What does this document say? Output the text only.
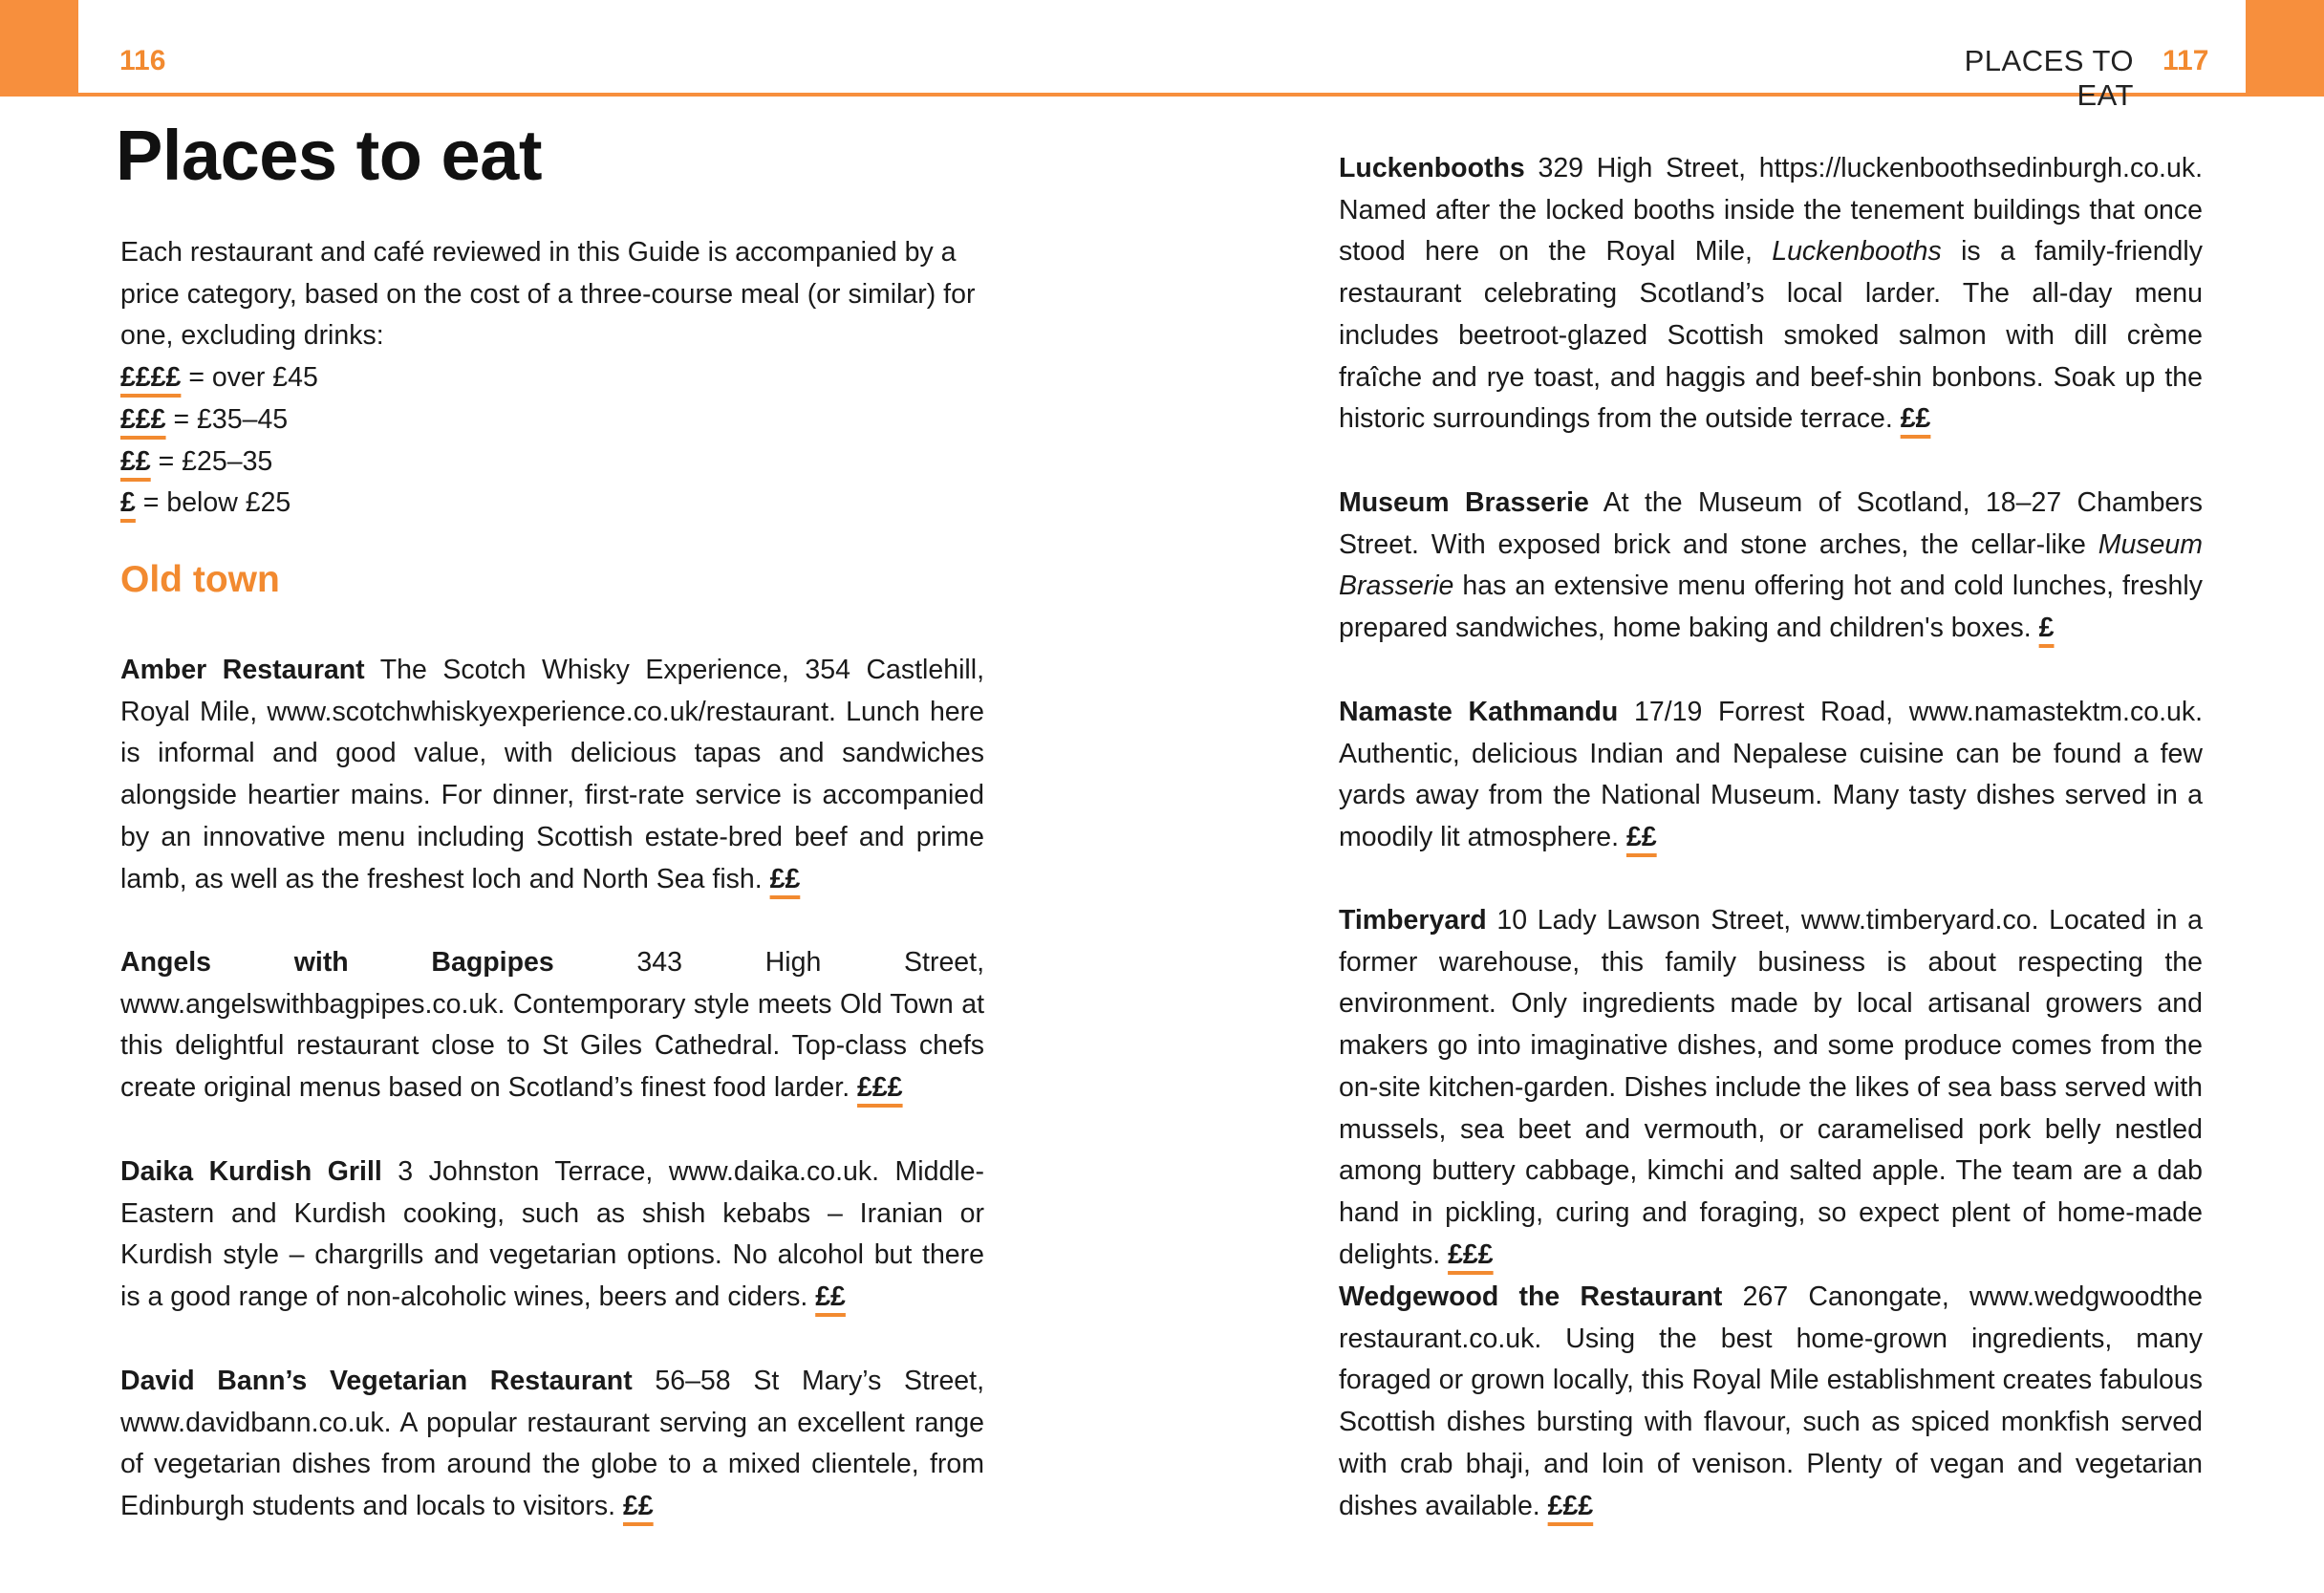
116	PLACES TO EAT
117
Places to eat

Each restaurant and café reviewed in this Guide is accompanied by a price category, based on the cost of a three-course meal (or similar) for one, excluding drinks:

££££ = over £45
£££ = £35–45
££ = £25–35
£ = below £25
Old town

Amber Restaurant The Scotch Whisky Experience, 354 Castlehill, Royal Mile, www.scotchwhiskyexperience.co.uk/restaurant. Lunch here is informal and good value, with delicious tapas and sandwiches alongside heartier mains. For dinner, first-rate service is accompanied by an innovative menu including Scottish estate-bred beef and prime lamb, as well as the freshest loch and North Sea fish. ££

Angels with Bagpipes 343 High Street, www.angelswithbagpipes.co.uk. Contemporary style meets Old Town at this delightful restaurant close to St Giles Cathedral. Top-class chefs create original menus based on Scotland’s finest food larder. £££

Daika Kurdish Grill 3 Johnston Terrace, www.daika.co.uk. Middle-Eastern and Kurdish cooking, such as shish kebabs – Iranian or Kurdish style – chargrills and vegetarian options. No alcohol but there is a good range of non-alcoholic wines, beers and ciders. ££

David Bann’s Vegetarian Restaurant 56–58 St Mary’s Street, www.davidbann.co.uk. A popular restaurant serving an excellent range of vegetarian dishes from around the globe to a mixed clientele, from Edinburgh students and locals to visitors. ££

Luckenbooths 329 High Street, https://luckenboothsedinburgh.co.uk. Named after the locked booths inside the tenement buildings that once stood here on the Royal Mile, Luckenbooths is a family-friendly restaurant celebrating Scotland’s local larder. The all-day menu includes beetroot-glazed Scottish smoked salmon with dill crème fraîche and rye toast, and haggis and beef-shin bonbons. Soak up the historic surroundings from the outside terrace. ££

Museum Brasserie At the Museum of Scotland, 18–27 Chambers Street. With exposed brick and stone arches, the cellar-like Museum Brasserie has an extensive menu offering hot and cold lunches, freshly prepared sandwiches, home baking and children's boxes. £

Namaste Kathmandu 17/19 Forrest Road, www.namastektm.co.uk. Authentic, delicious Indian and Nepalese cuisine can be found a few yards away from the National Museum. Many tasty dishes served in a moodily lit atmosphere. ££

Timberyard 10 Lady Lawson Street, www.timberyard.co. Located in a former warehouse, this family business is about respecting the environment. Only ingredients made by local artisanal growers and makers go into imaginative dishes, and some produce comes from the on-site kitchen-garden. Dishes include the likes of sea bass served with mussels, sea beet and vermouth, or caramelised pork belly nestled among buttery cabbage, kimchi and salted apple. The team are a dab hand in pickling, curing and foraging, so expect plent of home-made delights. £££

Wedgewood the Restaurant 267 Canongate, www.wedgwoodthe restaurant.co.uk. Using the best home-grown ingredients, many foraged or grown locally, this Royal Mile establishment creates fabulous Scottish dishes bursting with flavour, such as spiced monkfish served with crab bhaji, and loin of venison. Plenty of vegan and vegetarian dishes available. £££
